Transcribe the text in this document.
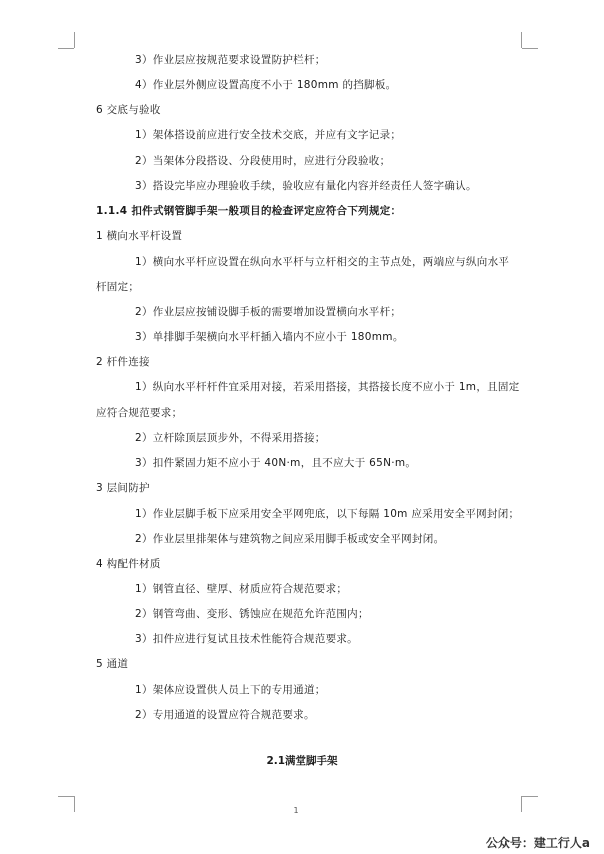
3）作业层应按规范要求设置防护栏杆；
4）作业层外侧应设置高度不小于 180mm 的挡脚板。
6 交底与验收
1）架体搭设前应进行安全技术交底，并应有文字记录；
2）当架体分段搭设、分段使用时，应进行分段验收；
3）搭设完毕应办理验收手续，验收应有量化内容并经责任人签字确认。
1.1.4 扣件式钢管脚手架一般项目的检查评定应符合下列规定：
1 横向水平杆设置
1）横向水平杆应设置在纵向水平杆与立杆相交的主节点处，两端应与纵向水平
杆固定；
2）作业层应按铺设脚手板的需要增加设置横向水平杆；
3）单排脚手架横向水平杆插入墙内不应小于 180mm。
2 杆件连接
1）纵向水平杆杆件宜采用对接，若采用搭接，其搭接长度不应小于 1m，且固定
应符合规范要求；
2）立杆除顶层顶步外，不得采用搭接；
3）扣件紧固力矩不应小于 40N·m，且不应大于 65N·m。
3 层间防护
1）作业层脚手板下应采用安全平网兜底，以下每隔 10m 应采用安全平网封闭；
2）作业层里排架体与建筑物之间应采用脚手板或安全平网封闭。
4 构配件材质
1）钢管直径、壁厚、材质应符合规范要求；
2）钢管弯曲、变形、锈蚀应在规范允许范围内；
3）扣件应进行复试且技术性能符合规范要求。
5 通道
1）架体应设置供人员上下的专用通道；
2）专用通道的设置应符合规范要求。
2.1满堂脚手架
1
公众号：建工行人a
